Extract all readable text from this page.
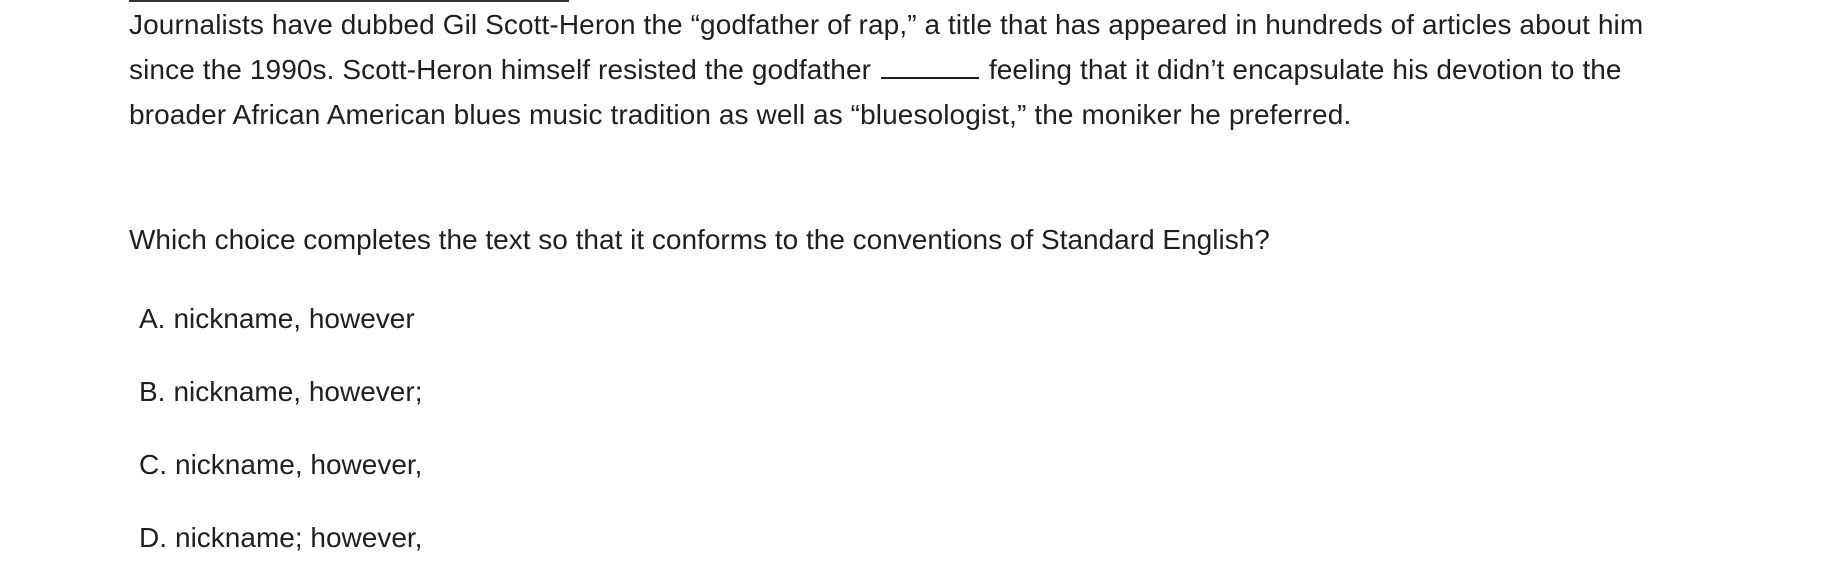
Journalists have dubbed Gil Scott-Heron the “godfather of rap,” a title that has appeared in hundreds of articles about him since the 1990s. Scott-Heron himself resisted the godfather	feeling that it didn’t encapsulate his devotion to the broader African American blues music tradition as well as “bluesologist,” the moniker he preferred.

Which choice completes the text so that it conforms to the conventions of Standard English?

A. nickname, however
B. nickname, however;
C. nickname, however,
D. nickname; however,
